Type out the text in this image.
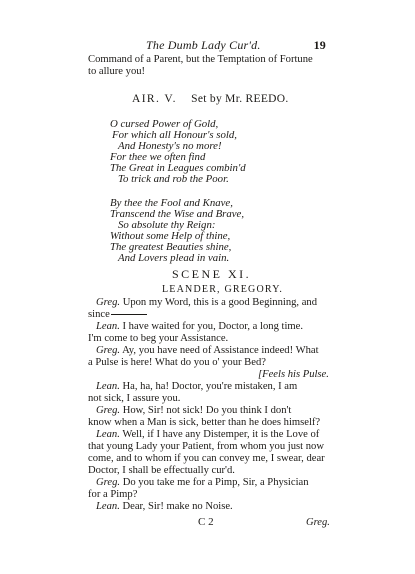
The Dumb Lady Cur'd.	19
Command of a Parent, but the Temptation of Fortune
to allure you!
AIR. V. Set by Mr. REEDO.
O cursed Power of Gold,
For which all Honour's sold,
And Honesty's no more!
For thee we often find
The Great in Leagues combin'd
To trick and rob the Poor.
By thee the Fool and Knave,
Transcend the Wise and Brave,
So absolute thy Reign:
Without some Help of thine,
The greatest Beauties shine,
And Lovers plead in vain.
SCENE XI.
LEANDER, GREGORY.
Greg. Upon my Word, this is a good Beginning, and
since
Lean. I have waited for you, Doctor, a long time.
I'm come to beg your Assistance.
Greg. Ay, you have need of Assistance indeed! What
a Pulse is here! What do you o' your Bed?
[Feels his Pulse.
Lean. Ha, ha, ha! Doctor, you're mistaken, I am
not sick, I assure you.
Greg. How, Sir! not sick! Do you think I don't
know when a Man is sick, better than he does himself?
Lean. Well, if I have any Distemper, it is the Love of
that young Lady your Patient, from whom you just now
come, and to whom if you can convey me, I swear, dear
Doctor, I shall be effectually cur'd.
Greg. Do you take me for a Pimp, Sir, a Physician
for a Pimp?
Lean. Dear, Sir! make no Noise.
C 2	Greg.
